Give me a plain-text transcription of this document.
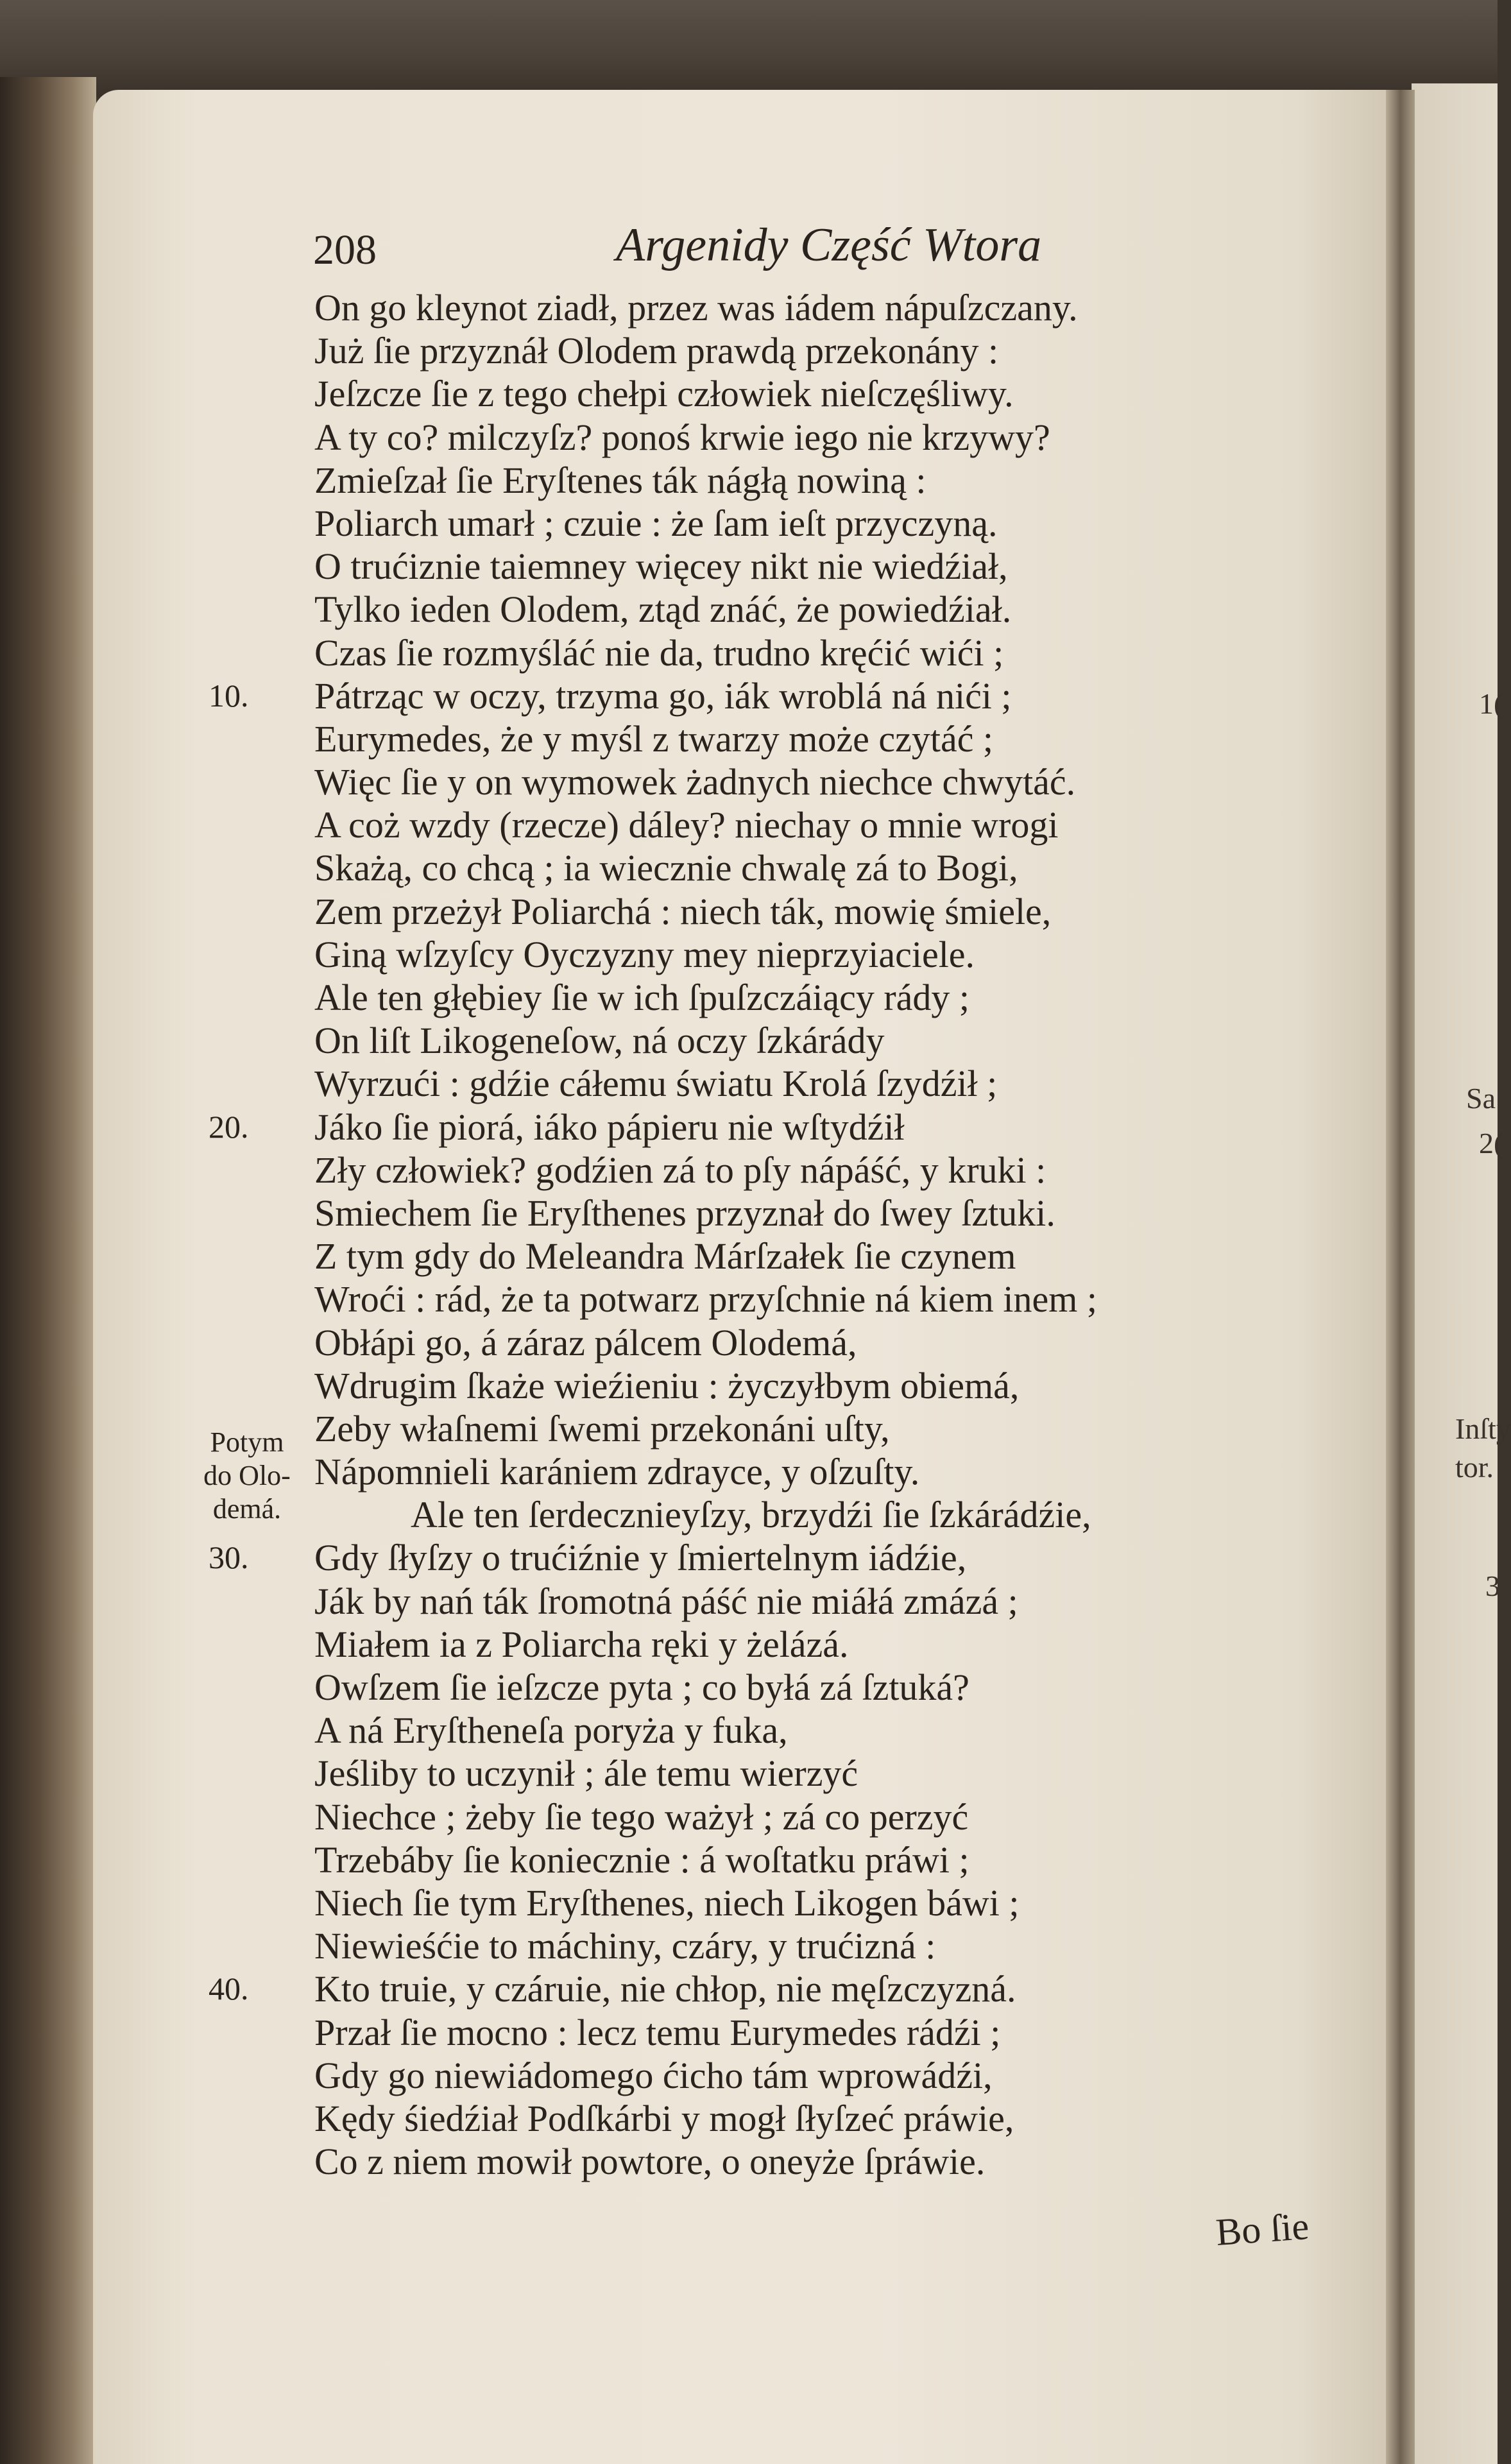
1(
Sa
2(
Inſty
tor.
3
208	Argenidy Część Wtora
On go kleynot ziadł, przez was iádem nápuſzczany.
Już ſie przyznáł Olodem prawdą przekonány :
Jeſzcze ſie z tego chełpi człowiek nieſczęśliwy.
A ty co? milczyſz? ponoś krwie iego nie krzywy?
Zmieſzał ſie Eryſtenes ták nágłą nowiną :
Poliarch umarł ; czuie : że ſam ieſt przyczyną.
O trućiznie taiemney więcey nikt nie wiedźiał,
Tylko ieden Olodem, ztąd znáć, że powiedźiał.
Czas ſie rozmyśláć nie da, trudno kręćić wići ;
10. Pátrząc w oczy, trzyma go, iák wroblá ná nići ;
Eurymedes, że y myśl z twarzy może czytáć ;
Więc ſie y on wymowek żadnych niechce chwytáć.
A coż wzdy (rzecze) dáley? niechay o mnie wrogi
Skażą, co chcą ; ia wiecznie chwalę zá to Bogi,
Zem przeżył Poliarchá : niech ták, mowię śmiele,
Giną wſzyſcy Oyczyzny mey nieprzyiaciele.
Ale ten głębiey ſie w ich ſpuſzczáiący rády ;
On liſt Likogeneſow, ná oczy ſzkárády
Wyrzući : gdźie cáłemu światu Krolá ſzydźił ;
20. Jáko ſie piorá, iáko pápieru nie wſtydźił
Zły człowiek? godźien zá to pſy nápáść, y kruki :
Smiechem ſie Eryſthenes przyznał do ſwey ſztuki.
Z tym gdy do Meleandra Márſzałek ſie czynem
Wroći : rád, że ta potwarz przyſchnie ná kiem inem ;
Obłápi go, á záraz pálcem Olodemá,
Wdrugim ſkaże wieźieniu : życzyłbym obiemá,
Zeby właſnemi ſwemi przekonáni uſty,
Nápomnieli karániem zdrayce, y oſzuſty.
Ale ten ſerdecznieyſzy, brzydźi ſie ſzkárádźie,
30. Gdy ſłyſzy o trućiźnie y ſmiertelnym iádźie,
Ják by nań ták ſromotná páść nie miáłá zmázá ;
Miałem ia z Poliarcha ręki y żelázá.
Owſzem ſie ieſzcze pyta ; co byłá zá ſztuká?
A ná Eryſtheneſa poryża y fuka,
Jeśliby to uczynił ; ále temu wierzyć
Niechce ; żeby ſie tego ważył ; zá co perzyć
Trzebáby ſie koniecznie : á woſtatku práwi ;
Niech ſie tym Eryſthenes, niech Likogen báwi ;
Niewieśćie to máchiny, czáry, y trućizná :
40. Kto truie, y czáruie, nie chłop, nie męſzczyzná.
Przał ſie mocno : lecz temu Eurymedes rádźi ;
Gdy go niewiádomego ćicho tám wprowádźi,
Kędy śiedźiał Podſkárbi y mogł ſłyſzeć práwie,
Co z niem mowił powtore, o oneyże ſpráwie.
Potym
do Olo-
demá.
Bo ſie
